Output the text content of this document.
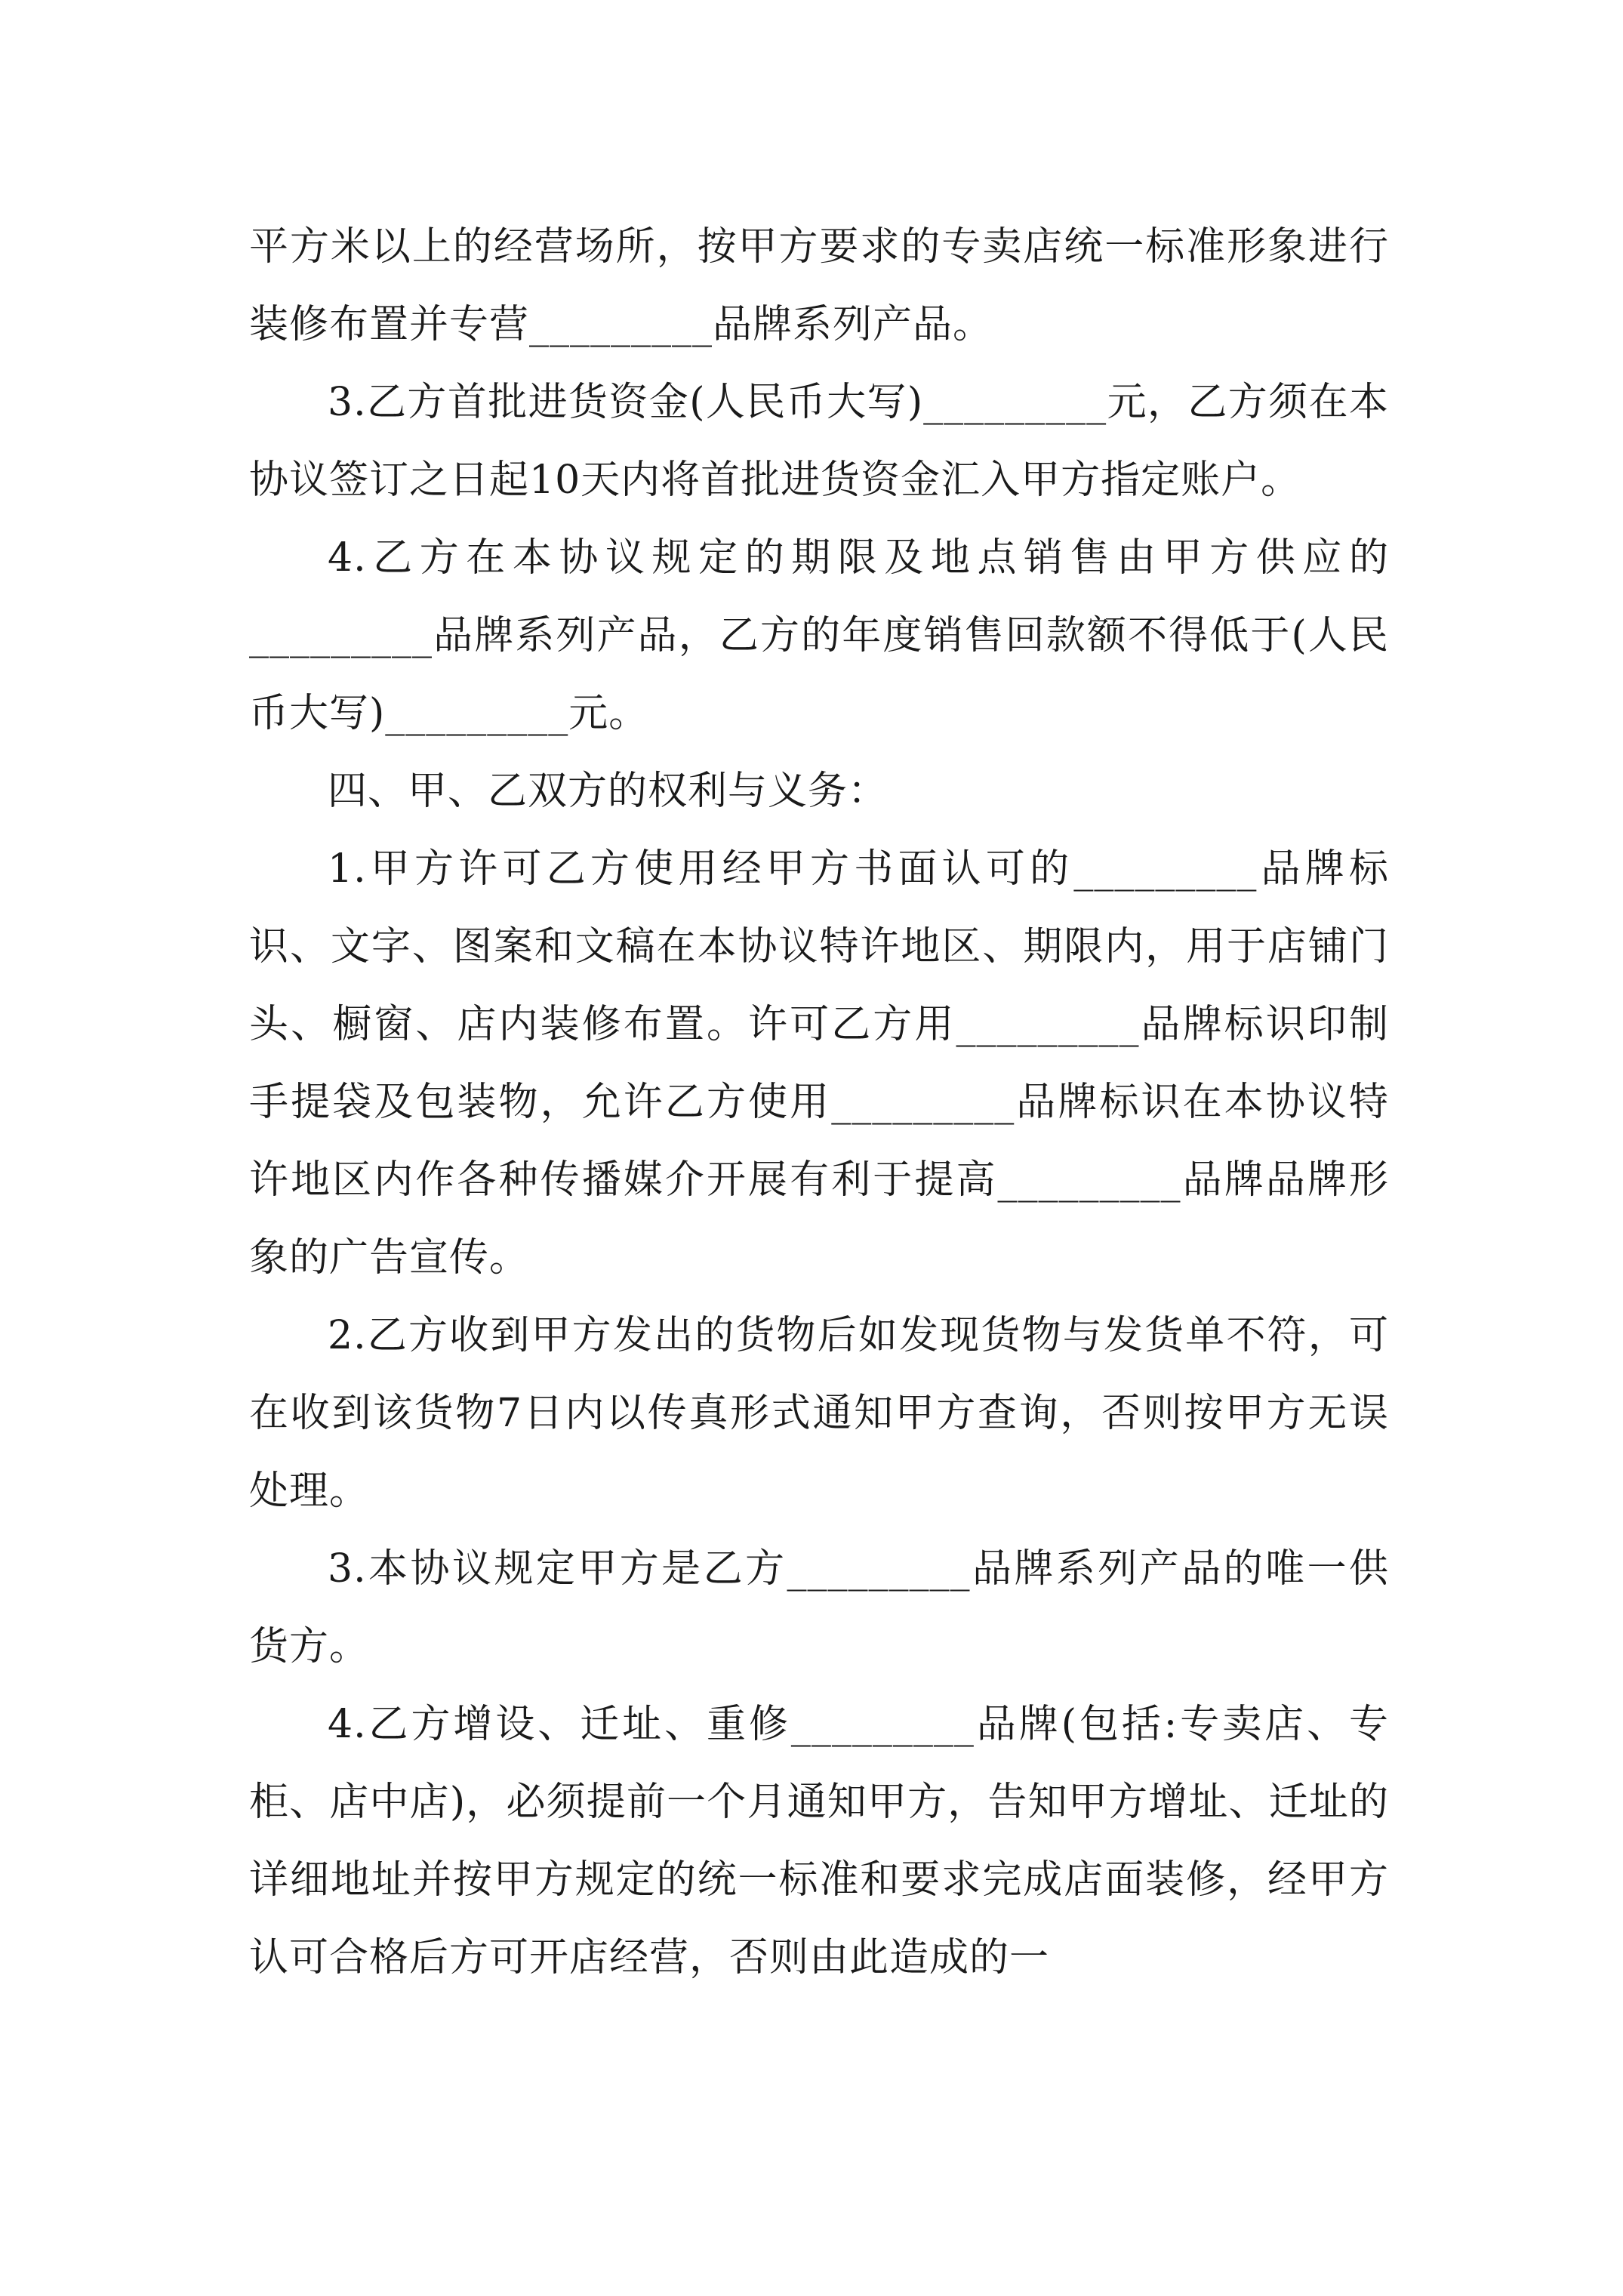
平方米以上的经营场所，按甲方要求的专卖店统一标准形象进行装修布置并专营_________品牌系列产品。

3.乙方首批进货资金(人民币大写)_________元，乙方须在本协议签订之日起10天内将首批进货资金汇入甲方指定账户。

4.乙方在本协议规定的期限及地点销售由甲方供应的_________品牌系列产品，乙方的年度销售回款额不得低于(人民币大写)_________元。

四、甲、乙双方的权利与义务：

1.甲方许可乙方使用经甲方书面认可的_________品牌标识、文字、图案和文稿在本协议特许地区、期限内，用于店铺门头、橱窗、店内装修布置。许可乙方用_________品牌标识印制手提袋及包装物，允许乙方使用_________品牌标识在本协议特许地区内作各种传播媒介开展有利于提高_________品牌品牌形象的广告宣传。

2.乙方收到甲方发出的货物后如发现货物与发货单不符，可在收到该货物7日内以传真形式通知甲方查询，否则按甲方无误处理。

3.本协议规定甲方是乙方_________品牌系列产品的唯一供货方。

4.乙方增设、迁址、重修_________品牌(包括:专卖店、专柜、店中店)，必须提前一个月通知甲方，告知甲方增址、迁址的详细地址并按甲方规定的统一标准和要求完成店面装修，经甲方认可合格后方可开店经营，否则由此造成的一
